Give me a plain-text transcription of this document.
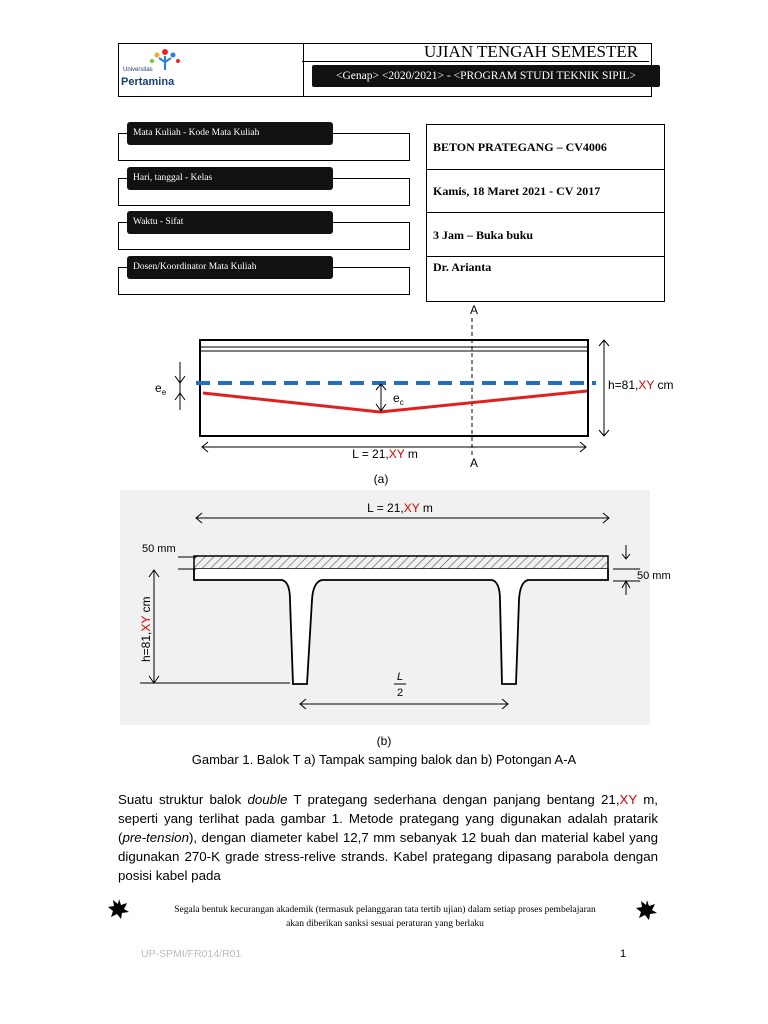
Universitas
Pertamina
UJIAN TENGAH SEMESTER
<Genap> <2020/2021> - <PROGRAM STUDI TEKNIK SIPIL>
Mata Kuliah - Kode Mata Kuliah
Hari, tanggal - Kelas
Waktu - Sifat
Dosen/Koordinator Mata Kuliah
BETON PRATEGANG – CV4006
Kamis, 18 Maret 2021 - CV 2017
3 Jam – Buka buku
Dr. Arianta
A
$e_c$
$e_e$
h=81,XY cm
L = 21,XY m
A
(a)
L = 21,XY m
50 mm
50 mm
h=81,XY cm
L
2
(b)
Gambar 1. Balok T a) Tampak samping balok dan b) Potongan A-A
Suatu struktur balok double T prategang sederhana dengan panjang bentang 21,XY m, seperti yang terlihat pada gambar 1. Metode prategang yang digunakan adalah pratarik (pre-tension), dengan diameter kabel 12,7 mm sebanyak 12 buah dan material kabel yang digunakan 270-K grade stress-relive strands. Kabel prategang dipasang parabola dengan posisi kabel pada
Segala bentuk kecurangan akademik (termasuk pelanggaran tata tertib ujian) dalam setiap proses pembelajaran
akan diberikan sanksi sesuai peraturan yang berlaku
UP-SPMI/FR014/R01	1
